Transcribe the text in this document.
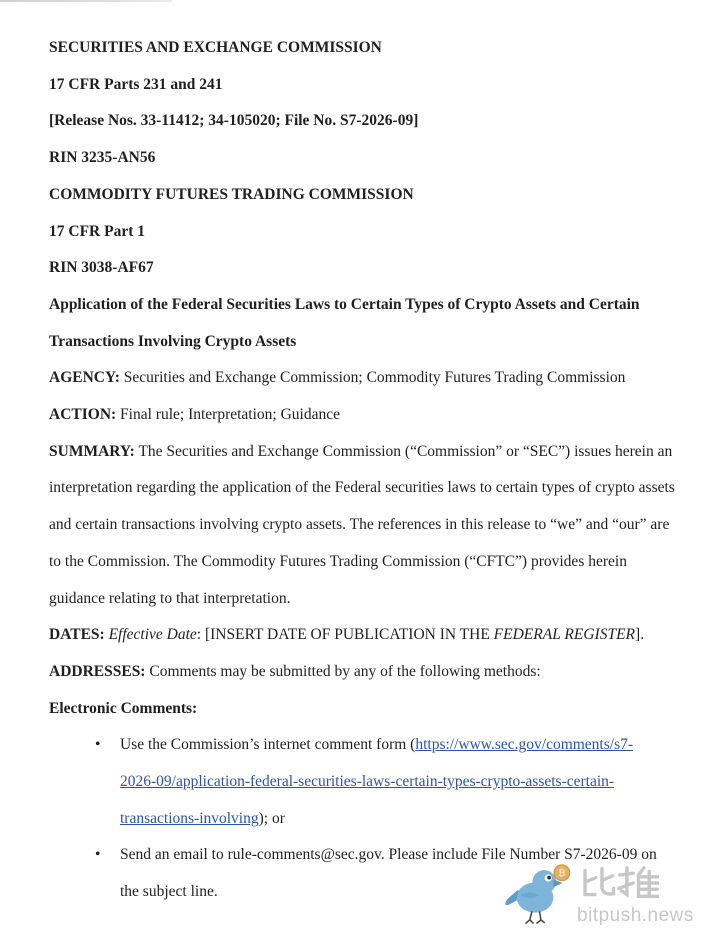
SECURITIES AND EXCHANGE COMMISSION

17 CFR Parts 231 and 241

[Release Nos. 33-11412; 34-105020; File No. S7-2026-09]

RIN 3235-AN56

COMMODITY FUTURES TRADING COMMISSION

17 CFR Part 1

RIN 3038-AF67

Application of the Federal Securities Laws to Certain Types of Crypto Assets and Certain Transactions Involving Crypto Assets

AGENCY: Securities and Exchange Commission; Commodity Futures Trading Commission

ACTION: Final rule; Interpretation; Guidance

SUMMARY: The Securities and Exchange Commission (“Commission” or “SEC”) issues herein an interpretation regarding the application of the Federal securities laws to certain types of crypto assets and certain transactions involving crypto assets. The references in this release to “we” and “our” are to the Commission. The Commodity Futures Trading Commission (“CFTC”) provides herein guidance relating to that interpretation.

DATES: Effective Date: [INSERT DATE OF PUBLICATION IN THE FEDERAL REGISTER].

ADDRESSES: Comments may be submitted by any of the following methods:

Electronic Comments:

• Use the Commission’s internet comment form (https://www.sec.gov/comments/s7-2026-09/application-federal-securities-laws-certain-types-crypto-assets-certain-transactions-involving); or
• Send an email to rule-comments@sec.gov. Please include File Number S7-2026-09 on the subject line.
₿
bitpush.news
